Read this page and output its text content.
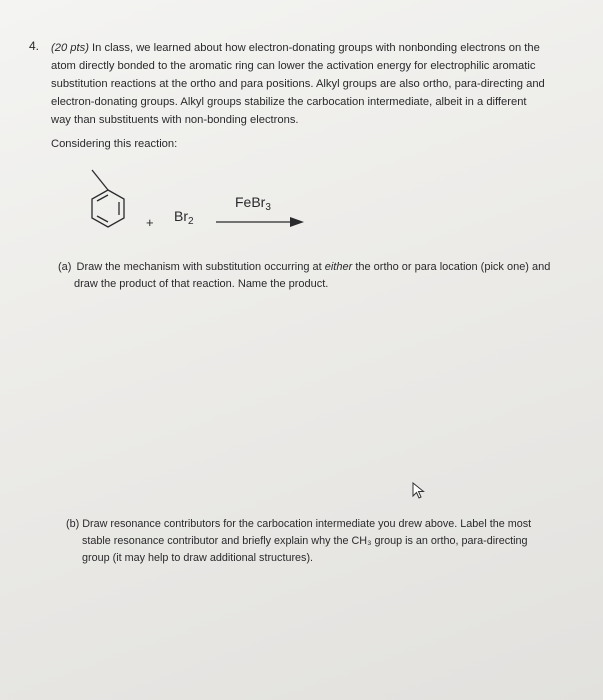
4. (20 pts) In class, we learned about how electron-donating groups with nonbonding electrons on the
atom directly bonded to the aromatic ring can lower the activation energy for electrophilic aromatic
substitution reactions at the ortho and para positions. Alkyl groups are also ortho, para-directing and
electron-donating groups. Alkyl groups stabilize the carbocation intermediate, albeit in a different
way than substituents with non-bonding electrons.
Considering this reaction:
+ $Br_2$
FeBr$_3$
(a) Draw the mechanism with substitution occurring at either the ortho or para location (pick one) and
draw the product of that reaction. Name the product.
(b) Draw resonance contributors for the carbocation intermediate you drew above. Label the most
stable resonance contributor and briefly explain why the CH₃ group is an ortho, para-directing
group (it may help to draw additional structures).
